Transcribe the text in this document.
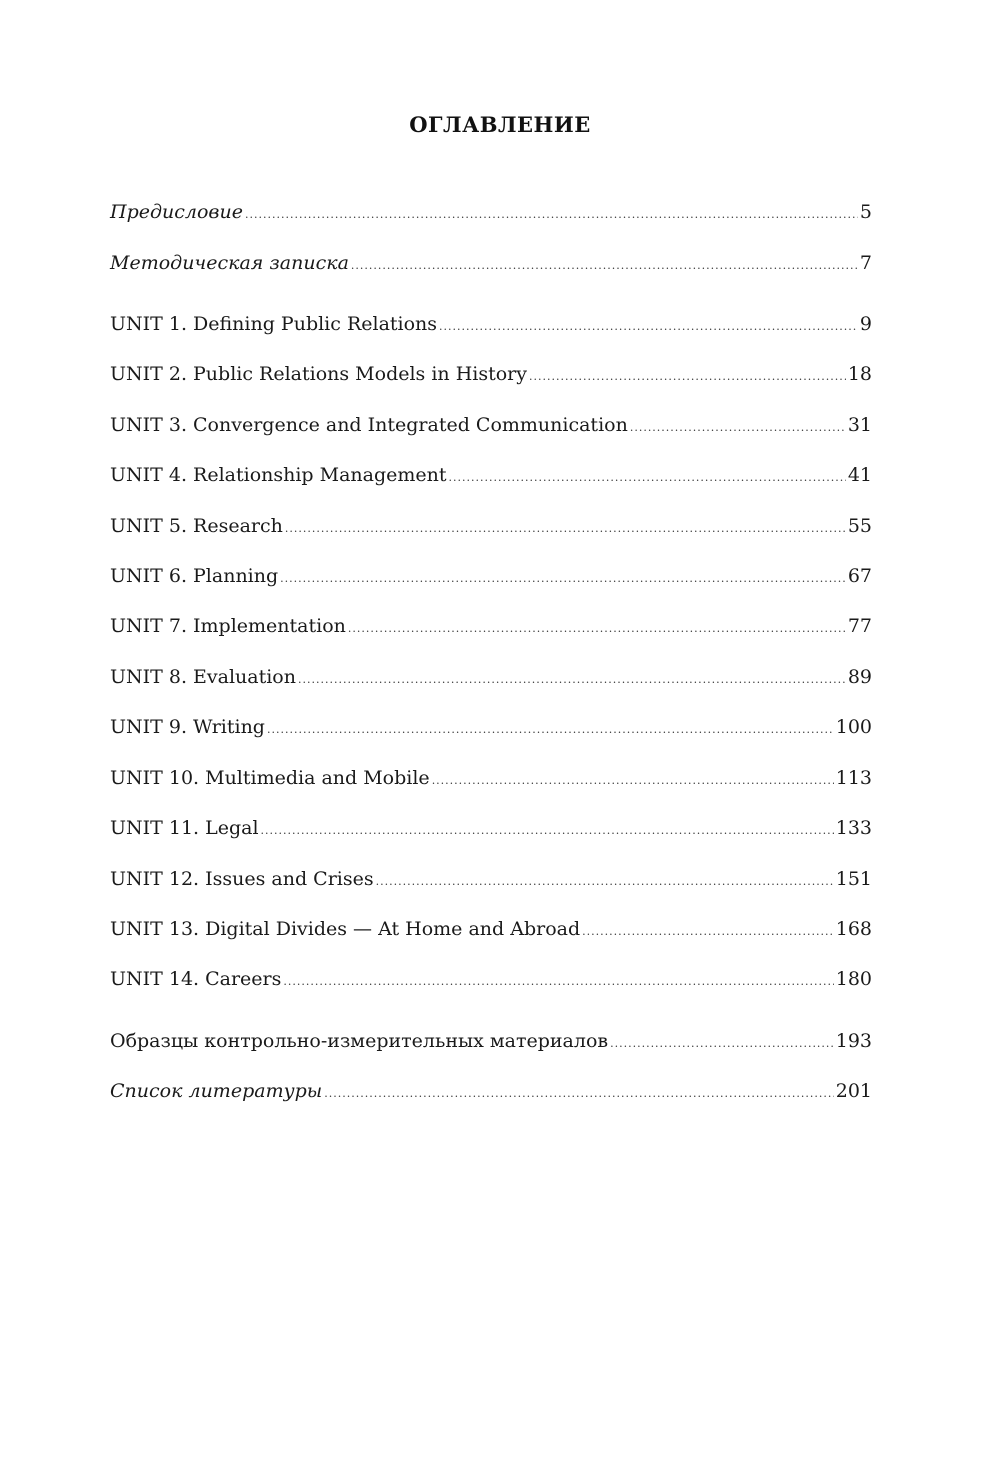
ОГЛАВЛЕНИЕ
Предисловие .....	5
Методическая записка .....	7
UNIT 1. Defining Public Relations .....	9
UNIT 2. Public Relations Models in History .....	18
UNIT 3. Convergence and Integrated Communication .....	31
UNIT 4. Relationship Management .....	41
UNIT 5. Research .....	55
UNIT 6. Planning .....	67
UNIT 7. Implementation .....	77
UNIT 8. Evaluation .....	89
UNIT 9. Writing .....	100
UNIT 10. Multimedia and Mobile .....	113
UNIT 11. Legal .....	133
UNIT 12. Issues and Crises .....	151
UNIT 13. Digital Divides — At Home and Abroad .....	168
UNIT 14. Careers .....	180
Образцы контрольно-измерительных материалов .....	193
Список литературы .....	201
